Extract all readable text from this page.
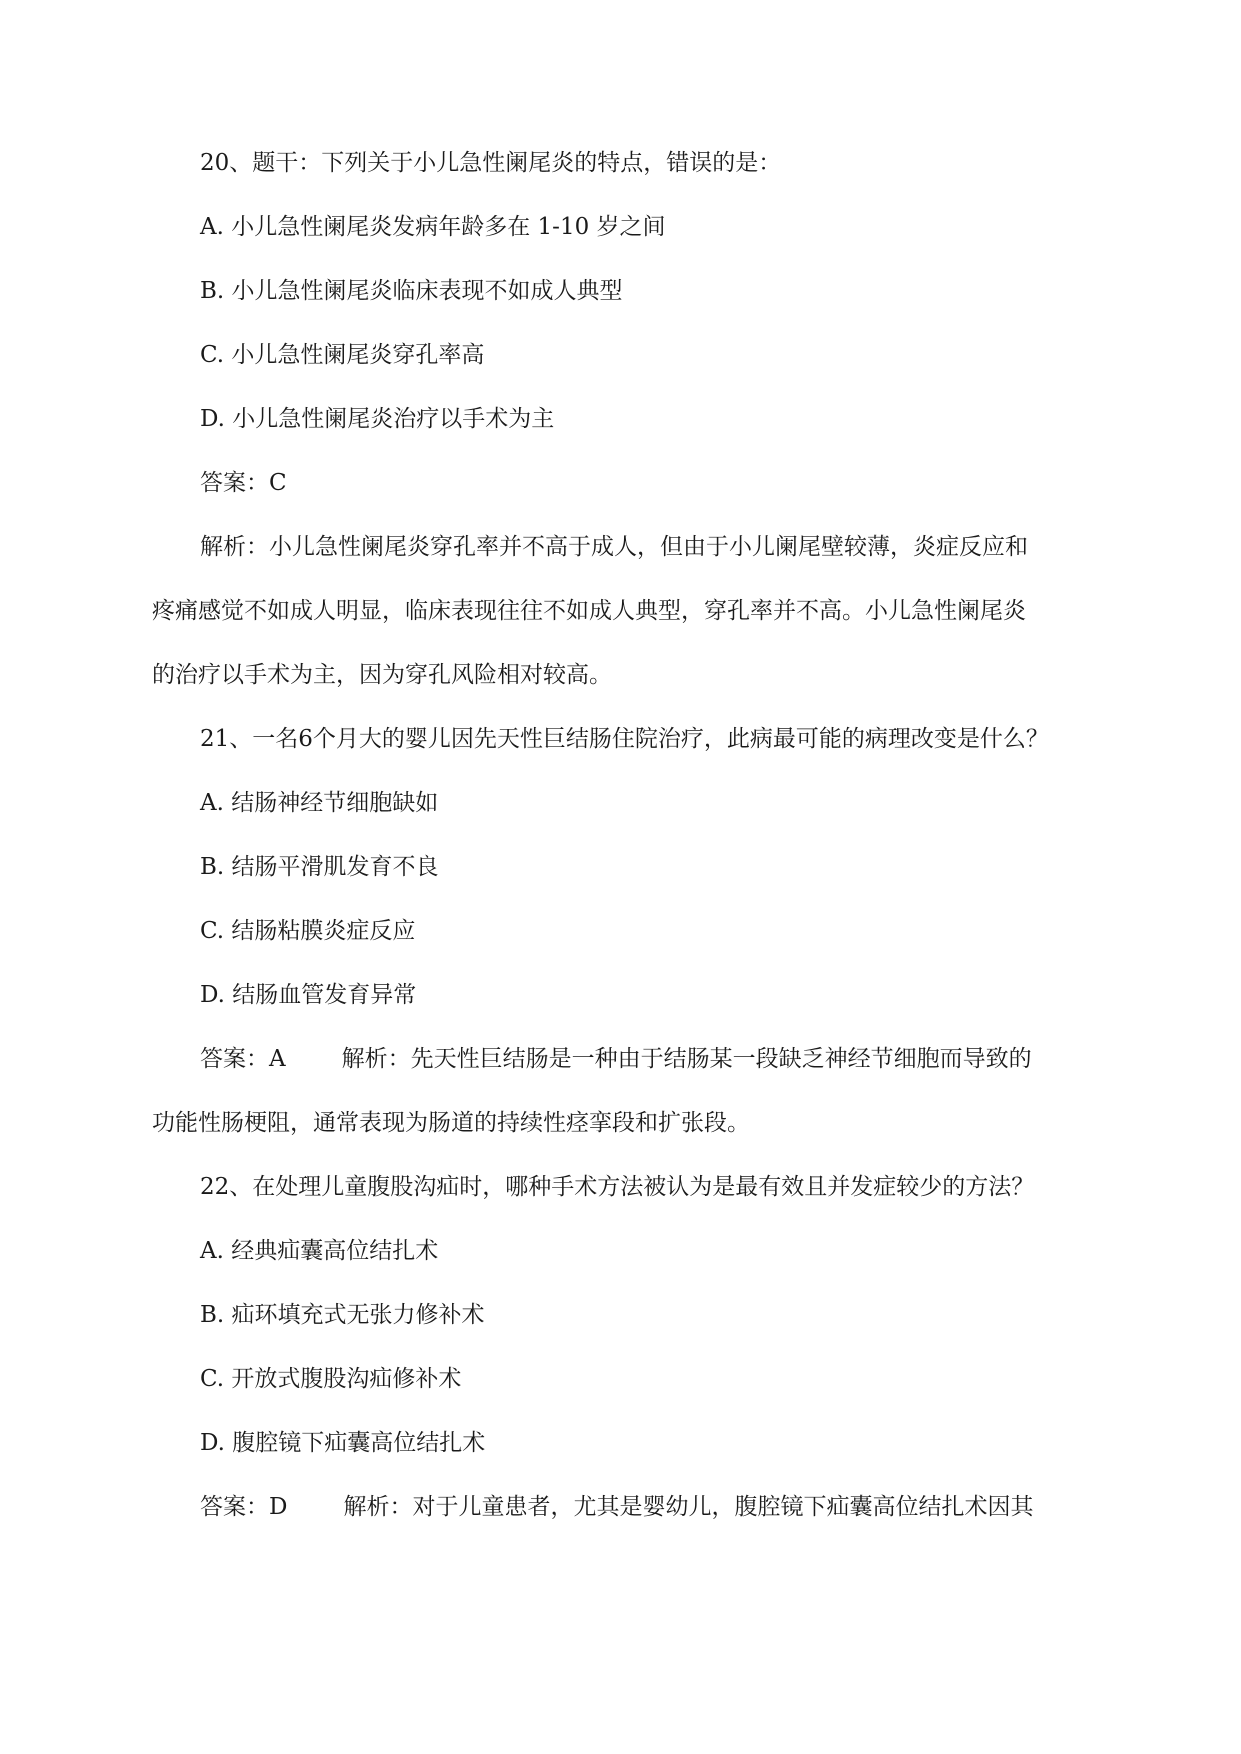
20、题干：下列关于小儿急性阑尾炎的特点，错误的是：
A. 小儿急性阑尾炎发病年龄多在 1-10 岁之间
B. 小儿急性阑尾炎临床表现不如成人典型
C. 小儿急性阑尾炎穿孔率高
D. 小儿急性阑尾炎治疗以手术为主
答案：C
解析：小儿急性阑尾炎穿孔率并不高于成人，但由于小儿阑尾壁较薄，炎症反应和
疼痛感觉不如成人明显，临床表现往往不如成人典型，穿孔率并不高。小儿急性阑尾炎
的治疗以手术为主，因为穿孔风险相对较高。
21、一名6个月大的婴儿因先天性巨结肠住院治疗，此病最可能的病理改变是什么？
A. 结肠神经节细胞缺如
B. 结肠平滑肌发育不良
C. 结肠粘膜炎症反应
D. 结肠血管发育异常
答案：A 解析：先天性巨结肠是一种由于结肠某一段缺乏神经节细胞而导致的
功能性肠梗阻，通常表现为肠道的持续性痉挛段和扩张段。
22、在处理儿童腹股沟疝时，哪种手术方法被认为是最有效且并发症较少的方法？
A. 经典疝囊高位结扎术
B. 疝环填充式无张力修补术
C. 开放式腹股沟疝修补术
D. 腹腔镜下疝囊高位结扎术
答案：D 解析：对于儿童患者，尤其是婴幼儿，腹腔镜下疝囊高位结扎术因其
